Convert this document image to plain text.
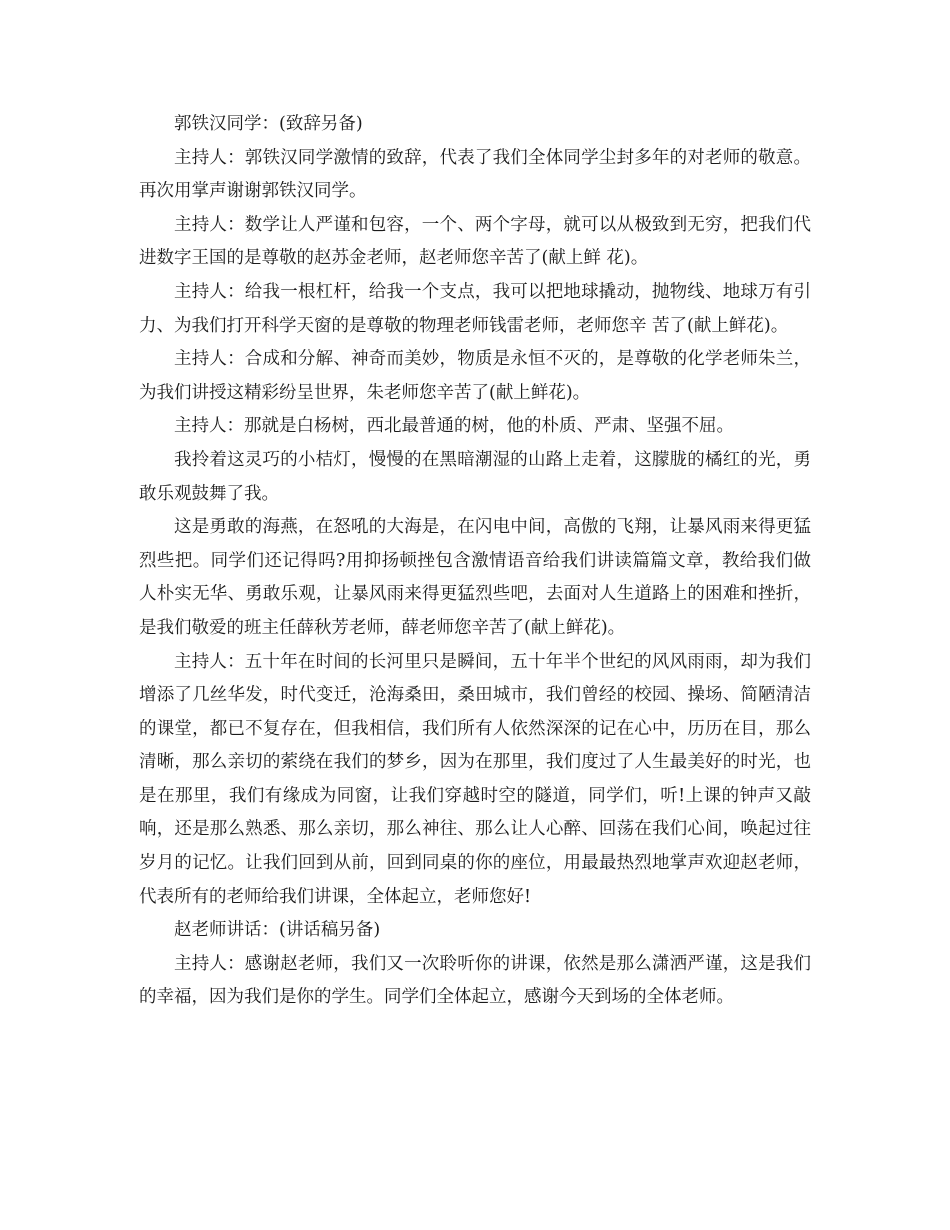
郭铁汉同学：(致辞另备)

主持人：郭铁汉同学激情的致辞，代表了我们全体同学尘封多年的对老师的敬意。再次用掌声谢谢郭铁汉同学。

主持人：数学让人严谨和包容，一个、两个字母，就可以从极致到无穷，把我们代进数字王国的是尊敬的赵苏金老师，赵老师您辛苦了(献上鲜 花)。

主持人：给我一根杠杆，给我一个支点，我可以把地球撬动，抛物线、地球万有引力、为我们打开科学天窗的是尊敬的物理老师钱雷老师，老师您辛 苦了(献上鲜花)。

主持人：合成和分解、神奇而美妙，物质是永恒不灭的，是尊敬的化学老师朱兰，为我们讲授这精彩纷呈世界，朱老师您辛苦了(献上鲜花)。

主持人：那就是白杨树，西北最普通的树，他的朴质、严肃、坚强不屈。

我拎着这灵巧的小桔灯，慢慢的在黑暗潮湿的山路上走着，这朦胧的橘红的光，勇敢乐观鼓舞了我。

这是勇敢的海燕，在怒吼的大海是，在闪电中间，高傲的飞翔，让暴风雨来得更猛烈些把。同学们还记得吗?用抑扬顿挫包含激情语音给我们讲读篇篇文章，教给我们做人朴实无华、勇敢乐观，让暴风雨来得更猛烈些吧，去面对人生道路上的困难和挫折，是我们敬爱的班主任薛秋芳老师，薛老师您辛苦了(献上鲜花)。

主持人：五十年在时间的长河里只是瞬间，五十年半个世纪的风风雨雨，却为我们增添了几丝华发，时代变迁，沧海桑田，桑田城市，我们曾经的校园、操场、简陋清洁的课堂，都已不复存在，但我相信，我们所有人依然深深的记在心中，历历在目，那么清晰，那么亲切的萦绕在我们的梦乡，因为在那里，我们度过了人生最美好的时光，也是在那里，我们有缘成为同窗，让我们穿越时空的隧道，同学们，听!上课的钟声又敲响，还是那么熟悉、那么亲切，那么神往、那么让人心醉、回荡在我们心间，唤起过往岁月的记忆。让我们回到从前，回到同桌的你的座位，用最最热烈地掌声欢迎赵老师，代表所有的老师给我们讲课，全体起立，老师您好!

赵老师讲话：(讲话稿另备)

主持人：感谢赵老师，我们又一次聆听你的讲课，依然是那么潇洒严谨，这是我们的幸福，因为我们是你的学生。同学们全体起立，感谢今天到场的全体老师。
